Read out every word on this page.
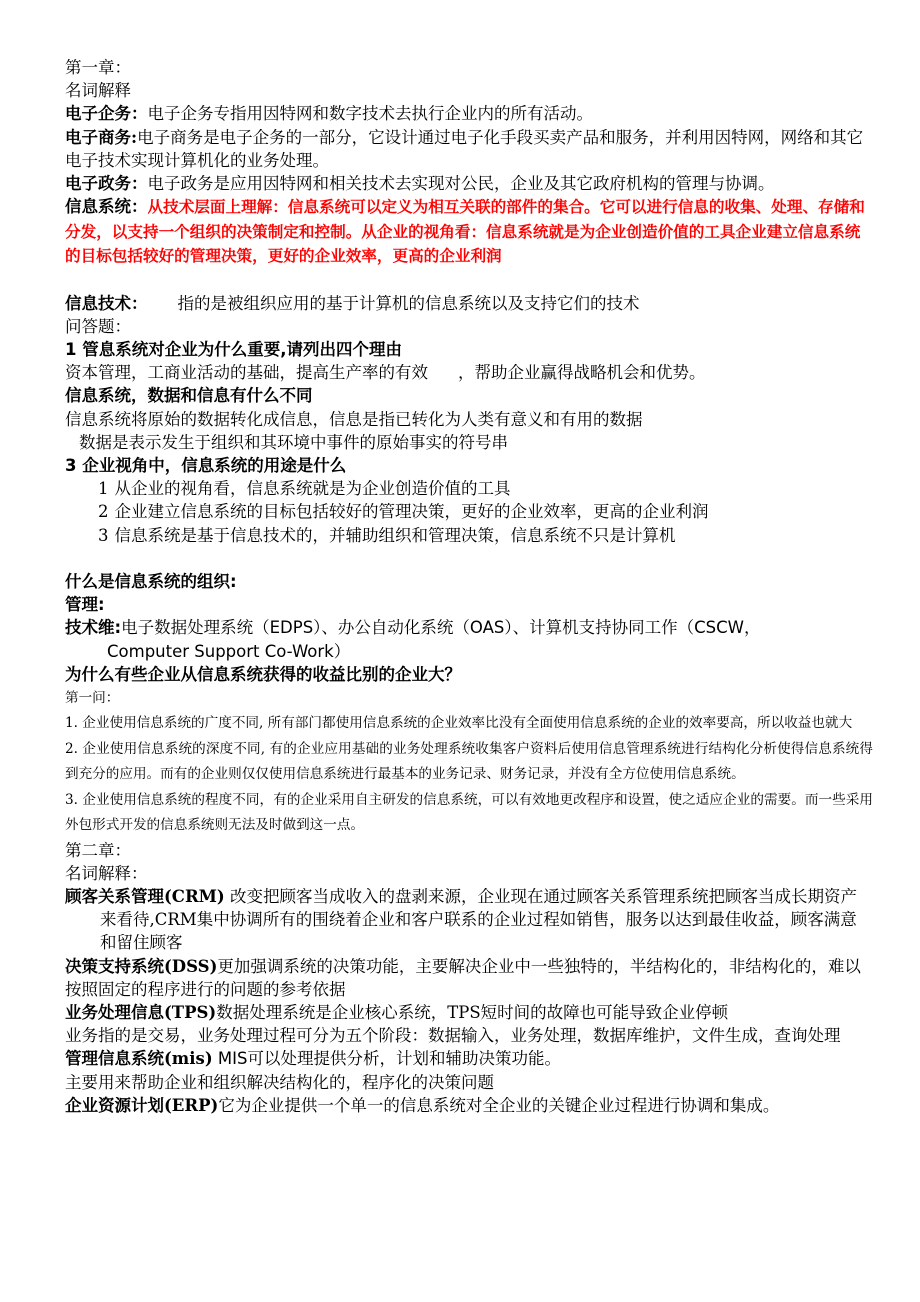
第一章：
名词解释
电子企务：电子企务专指用因特网和数字技术去执行企业内的所有活动。
电子商务:电子商务是电子企务的一部分，它设计通过电子化手段买卖产品和服务，并利用因特网，网络和其它电子技术实现计算机化的业务处理。
电子政务：电子政务是应用因特网和相关技术去实现对公民，企业及其它政府机构的管理与协调。
信息系统：从技术层面上理解：信息系统可以定义为相互关联的部件的集合。它可以进行信息的收集、处理、存储和分发，以支持一个组织的决策制定和控制。从企业的视角看：信息系统就是为企业创造价值的工具企业建立信息系统的目标包括较好的管理决策，更好的企业效率，更高的企业利润
信息技术： 指的是被组织应用的基于计算机的信息系统以及支持它们的技术
问答题：
1 管息系统对企业为什么重要,请列出四个理由
资本管理，工商业活动的基础，提高生产率的有效 ，帮助企业赢得战略机会和优势。
信息系统，数据和信息有什么不同
信息系统将原始的数据转化成信息，信息是指已转化为人类有意义和有用的数据
数据是表示发生于组织和其环境中事件的原始事实的符号串
3 企业视角中，信息系统的用途是什么
1 从企业的视角看，信息系统就是为企业创造价值的工具
2 企业建立信息系统的目标包括较好的管理决策，更好的企业效率，更高的企业利润
3 信息系统是基于信息技术的，并辅助组织和管理决策，信息系统不只是计算机
什么是信息系统的组织:
管理:
技术维:电子数据处理系统（EDPS）、办公自动化系统（OAS）、计算机支持协同工作（CSCW，
Computer Support Co-Work）
为什么有些企业从信息系统获得的收益比别的企业大？
第一问：
1. 企业使用信息系统的广度不同, 所有部门都使用信息系统的企业效率比没有全面使用信息系统的企业的效率要高，所以收益也就大
2. 企业使用信息系统的深度不同, 有的企业应用基础的业务处理系统收集客户资料后使用信息管理系统进行结构化分析使得信息系统得到充分的应用。而有的企业则仅仅使用信息系统进行最基本的业务记录、财务记录，并没有全方位使用信息系统。
3. 企业使用信息系统的程度不同，有的企业采用自主研发的信息系统，可以有效地更改程序和设置，使之适应企业的需要。而一些采用外包形式开发的信息系统则无法及时做到这一点。
第二章：
名词解释：
顾客关系管理(CRM) 改变把顾客当成收入的盘剥来源，企业现在通过顾客关系管理系统把顾客当成长期资产来看待,CRM集中协调所有的围绕着企业和客户联系的企业过程如销售，服务以达到最佳收益，顾客满意和留住顾客
决策支持系统(DSS)更加强调系统的决策功能，主要解决企业中一些独特的，半结构化的，非结构化的，难以按照固定的程序进行的问题的参考依据
业务处理信息(TPS)数据处理系统是企业核心系统，TPS短时间的故障也可能导致企业停顿
业务指的是交易，业务处理过程可分为五个阶段：数据输入，业务处理，数据库维护，文件生成，查询处理
管理信息系统(mis) MIS可以处理提供分析，计划和辅助决策功能。
主要用来帮助企业和组织解决结构化的，程序化的决策问题
企业资源计划(ERP)它为企业提供一个单一的信息系统对全企业的关键企业过程进行协调和集成。
